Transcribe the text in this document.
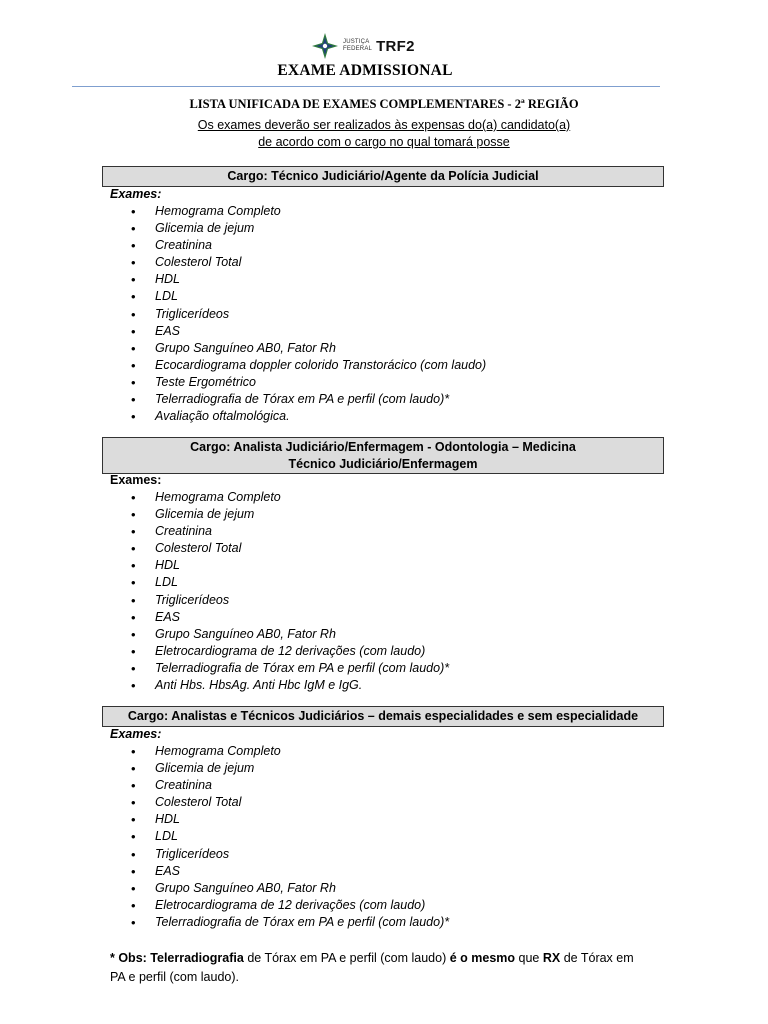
JUSTIÇA
FEDERAL TRF2
EXAME ADMISSIONAL
LISTA UNIFICADA DE EXAMES COMPLEMENTARES - 2ª REGIÃO
Os exames deverão ser realizados às expensas do(a) candidato(a)
de acordo com o cargo no qual tomará posse
Cargo: Técnico Judiciário/Agente da Polícia Judicial
Exames:
• Hemograma Completo
• Glicemia de jejum
• Creatinina
• Colesterol Total
• HDL
• LDL
• Triglicerídeos
• EAS
• Grupo Sanguíneo AB0, Fator Rh
• Ecocardiograma doppler colorido Transtorácico (com laudo)
• Teste Ergométrico
• Telerradiografia de Tórax em PA e perfil (com laudo)*
• Avaliação oftalmológica.
Cargo: Analista Judiciário/Enfermagem - Odontologia – Medicina
Técnico Judiciário/Enfermagem
Exames:
• Hemograma Completo
• Glicemia de jejum
• Creatinina
• Colesterol Total
• HDL
• LDL
• Triglicerídeos
• EAS
• Grupo Sanguíneo AB0, Fator Rh
• Eletrocardiograma de 12 derivações (com laudo)
• Telerradiografia de Tórax em PA e perfil (com laudo)*
• Anti Hbs. HbsAg. Anti Hbc IgM e IgG.
Cargo: Analistas e Técnicos Judiciários – demais especialidades e sem especialidade
Exames:
• Hemograma Completo
• Glicemia de jejum
• Creatinina
• Colesterol Total
• HDL
• LDL
• Triglicerídeos
• EAS
• Grupo Sanguíneo AB0, Fator Rh
• Eletrocardiograma de 12 derivações (com laudo)
• Telerradiografia de Tórax em PA e perfil (com laudo)*
* Obs: Telerradiografia de Tórax em PA e perfil (com laudo) é o mesmo que RX de Tórax em PA e perfil (com laudo).
